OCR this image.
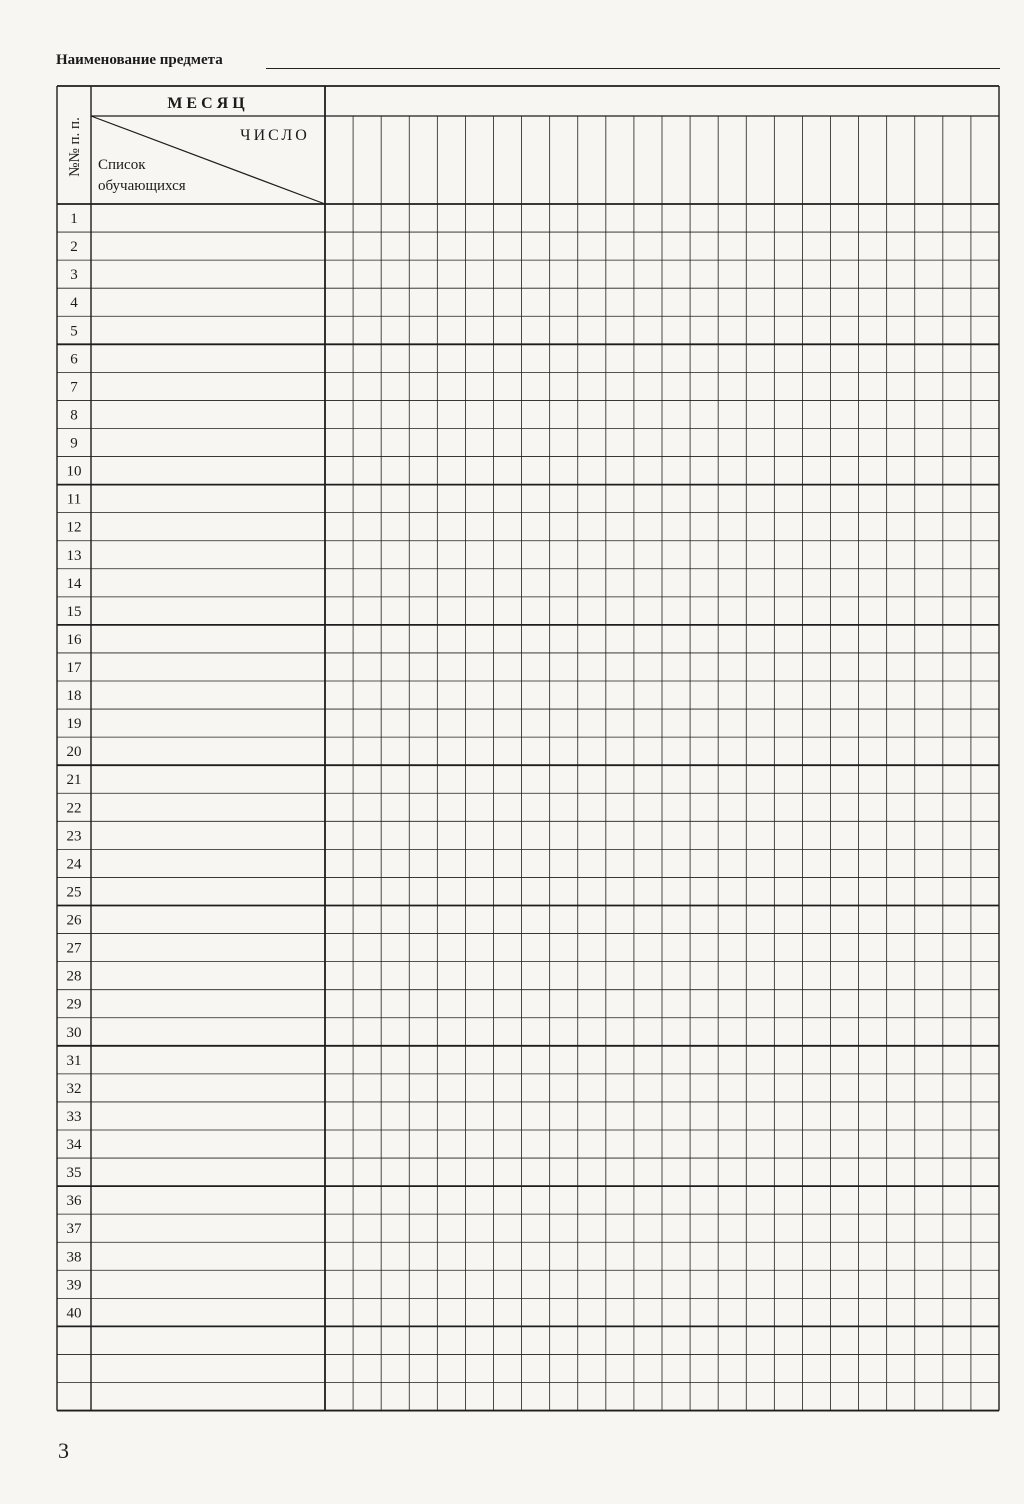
Наименование предмета
№№ п. п.
МЕСЯЦ
ЧИСЛО
Список
обучающихся
1
2
3
4
5
6
7
8
9
10
11
12
13
14
15
16
17
18
19
20
21
22
23
24
25
26
27
28
29
30
31
32
33
34
35
36
37
38
39
40
3
